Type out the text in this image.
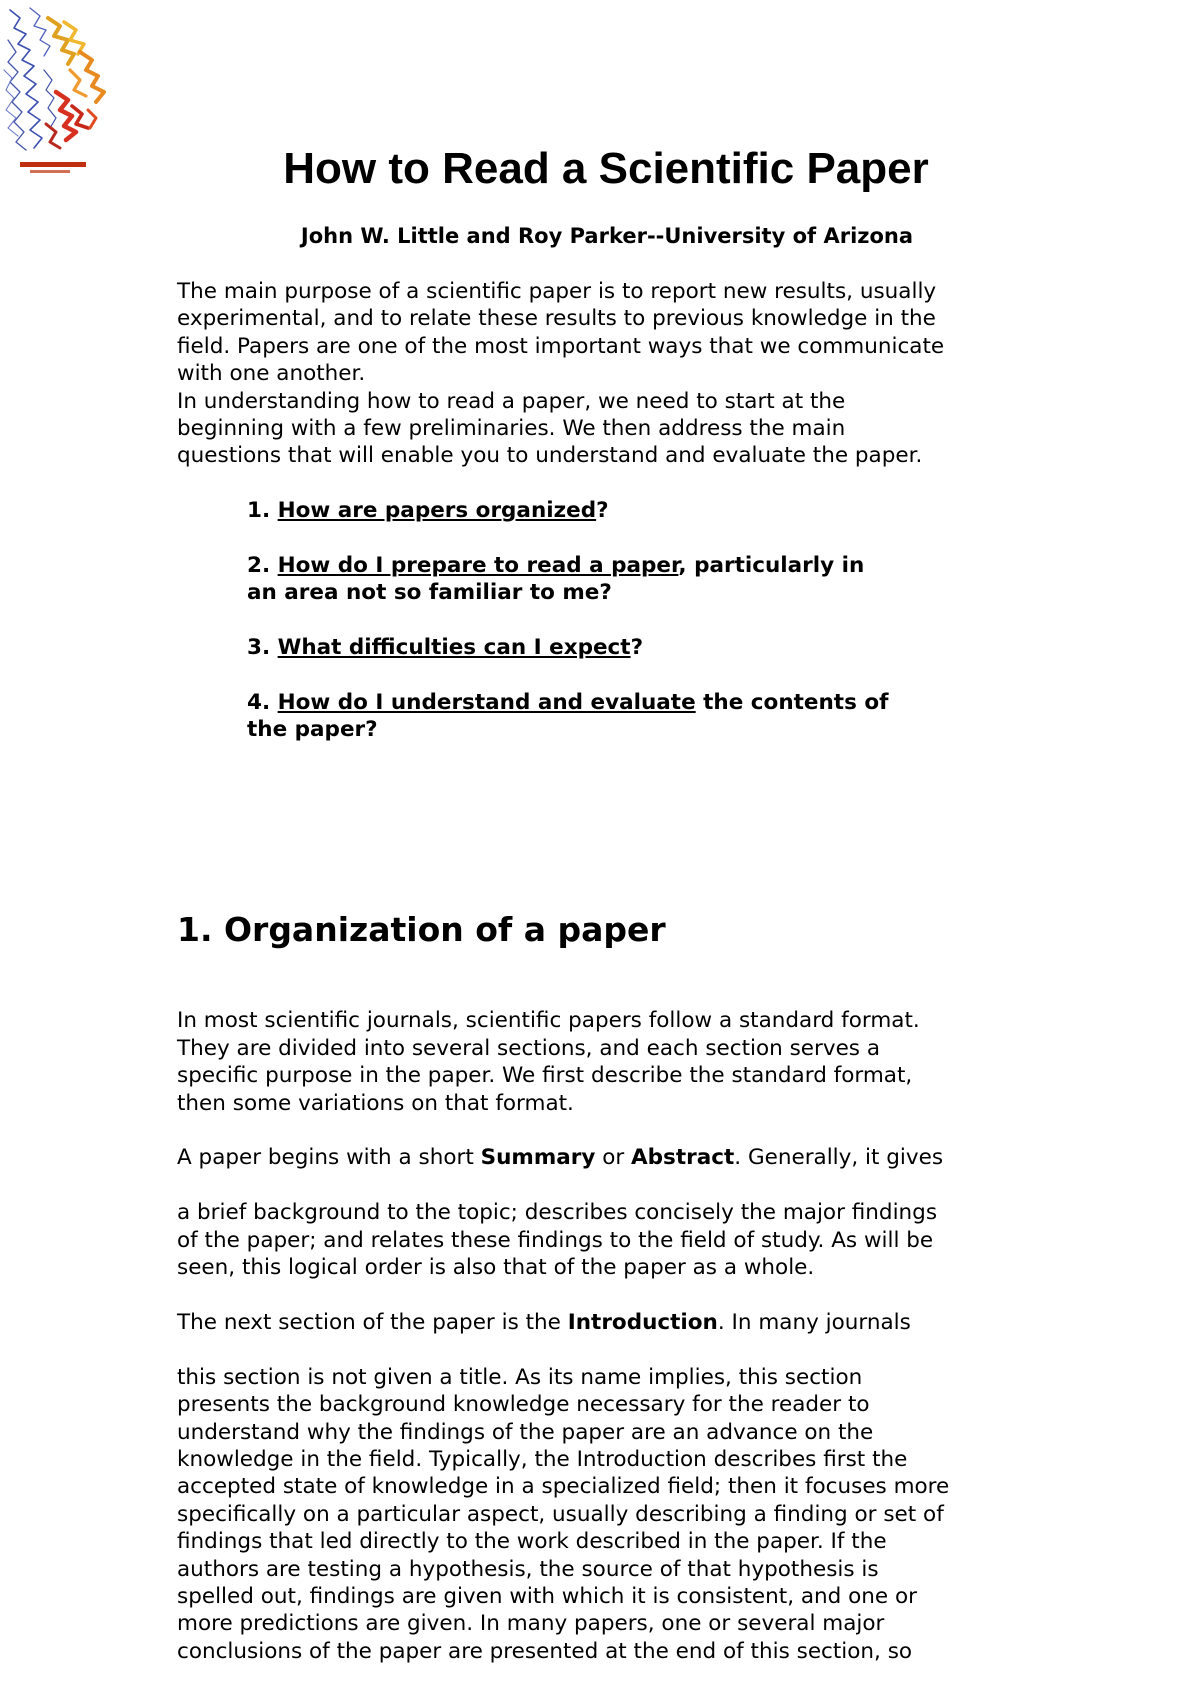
How to Read a Scientific Paper

John W. Little and Roy Parker--University of Arizona

The main purpose of a scientific paper is to report new results, usually
experimental, and to relate these results to previous knowledge in the
field. Papers are one of the most important ways that we communicate
with one another.
In understanding how to read a paper, we need to start at the
beginning with a few preliminaries. We then address the main
questions that will enable you to understand and evaluate the paper.

1. How are papers organized?
2. How do I prepare to read a paper, particularly in
an area not so familiar to me?
3. What difficulties can I expect?
4. How do I understand and evaluate the contents of
the paper?
1. Organization of a paper

In most scientific journals, scientific papers follow a standard format.
They are divided into several sections, and each section serves a
specific purpose in the paper. We first describe the standard format,
then some variations on that format.

A paper begins with a short Summary or Abstract. Generally, it gives

a brief background to the topic; describes concisely the major findings
of the paper; and relates these findings to the field of study. As will be
seen, this logical order is also that of the paper as a whole.

The next section of the paper is the Introduction. In many journals

this section is not given a title. As its name implies, this section
presents the background knowledge necessary for the reader to
understand why the findings of the paper are an advance on the
knowledge in the field. Typically, the Introduction describes first the
accepted state of knowledge in a specialized field; then it focuses more
specifically on a particular aspect, usually describing a finding or set of
findings that led directly to the work described in the paper. If the
authors are testing a hypothesis, the source of that hypothesis is
spelled out, findings are given with which it is consistent, and one or
more predictions are given. In many papers, one or several major
conclusions of the paper are presented at the end of this section, so
